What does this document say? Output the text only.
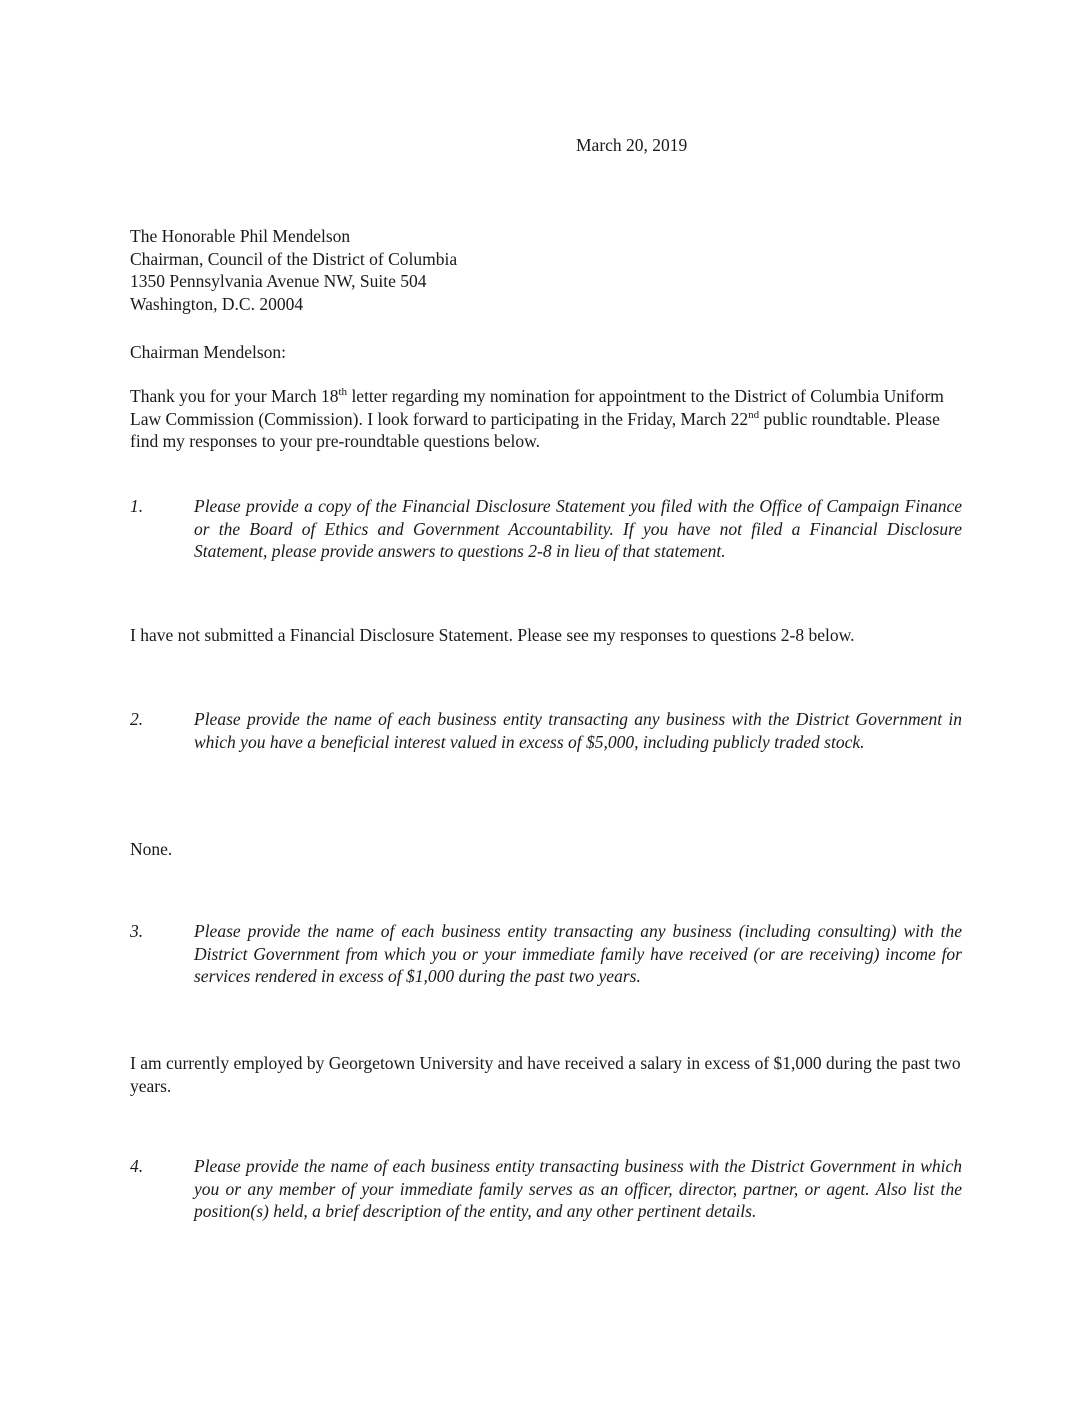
March 20, 2019

The Honorable Phil Mendelson
Chairman, Council of the District of Columbia
1350 Pennsylvania Avenue NW, Suite 504
Washington, D.C. 20004

Chairman Mendelson:

Thank you for your March 18th letter regarding my nomination for appointment to the District of Columbia Uniform Law Commission (Commission). I look forward to participating in the Friday, March 22nd public roundtable. Please find my responses to your pre-roundtable questions below.

1.	Please provide a copy of the Financial Disclosure Statement you filed with the Office of Campaign Finance or the Board of Ethics and Government Accountability. If you have not filed a Financial Disclosure Statement, please provide answers to questions 2-8 in lieu of that statement.

I have not submitted a Financial Disclosure Statement. Please see my responses to questions 2-8 below.

2.	Please provide the name of each business entity transacting any business with the District Government in which you have a beneficial interest valued in excess of $5,000, including publicly traded stock.

None.

3.	Please provide the name of each business entity transacting any business (including consulting) with the District Government from which you or your immediate family have received (or are receiving) income for services rendered in excess of $1,000 during the past two years.

I am currently employed by Georgetown University and have received a salary in excess of $1,000 during the past two years.

4.	Please provide the name of each business entity transacting business with the District Government in which you or any member of your immediate family serves as an officer, director, partner, or agent. Also list the position(s) held, a brief description of the entity, and any other pertinent details.
